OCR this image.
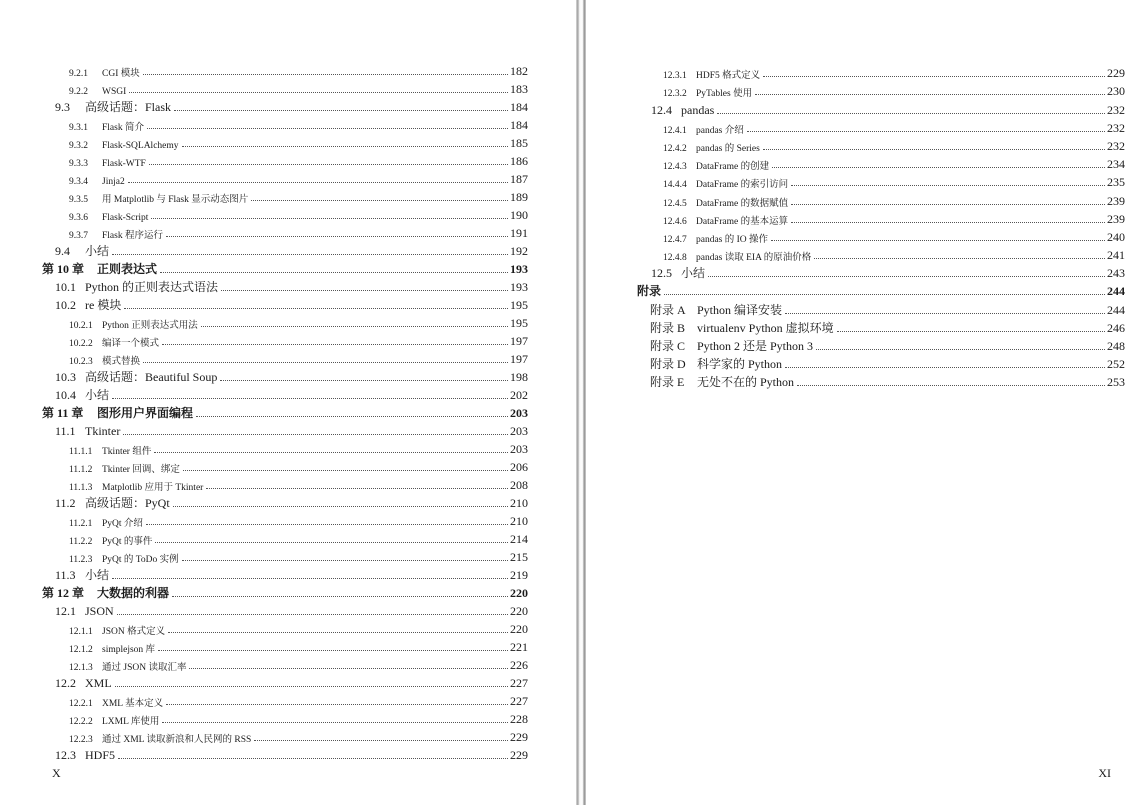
9.2.1 CGI 模块	182
9.2.2 WSGI	183
9.3 高级话题：Flask	184
9.3.1 Flask 简介	184
9.3.2 Flask-SQLAlchemy	185
9.3.3 Flask-WTF	186
9.3.4 Jinja2	187
9.3.5 用 Matplotlib 与 Flask 显示动态图片	189
9.3.6 Flask-Script	190
9.3.7 Flask 程序运行	191
9.4 小结	192
第 10 章 正则表达式	193
10.1 Python 的正则表达式语法	193
10.2 re 模块	195
10.2.1 Python 正则表达式用法	195
10.2.2 编译一个模式	197
10.2.3 模式替换	197
10.3 高级话题：Beautiful Soup	198
10.4 小结	202
第 11 章 图形用户界面编程	203
11.1 Tkinter	203
11.1.1 Tkinter 组件	203
11.1.2 Tkinter 回调、绑定	206
11.1.3 Matplotlib 应用于 Tkinter	208
11.2 高级话题：PyQt	210
11.2.1 PyQt 介绍	210
11.2.2 PyQt 的事件	214
11.2.3 PyQt 的 ToDo 实例	215
11.3 小结	219
第 12 章 大数据的利器	220
12.1 JSON	220
12.1.1 JSON 格式定义	220
12.1.2 simplejson 库	221
12.1.3 通过 JSON 读取汇率	226
12.2 XML	227
12.2.1 XML 基本定义	227
12.2.2 LXML 库使用	228
12.2.3 通过 XML 读取新浪和人民网的 RSS	229
12.3 HDF5	229
X
12.3.1 HDF5 格式定义	229
12.3.2 PyTables 使用	230
12.4 pandas	232
12.4.1 pandas 介绍	232
12.4.2 pandas 的 Series	232
12.4.3 DataFrame 的创建	234
14.4.4 DataFrame 的索引访问	235
12.4.5 DataFrame 的数据赋值	239
12.4.6 DataFrame 的基本运算	239
12.4.7 pandas 的 IO 操作	240
12.4.8 pandas 读取 EIA 的原油价格	241
12.5 小结	243
附录	244
附录 A Python 编译安装	244
附录 B virtualenv Python 虚拟环境	246
附录 C Python 2 还是 Python 3	248
附录 D 科学家的 Python	252
附录 E 无处不在的 Python	253
XI
